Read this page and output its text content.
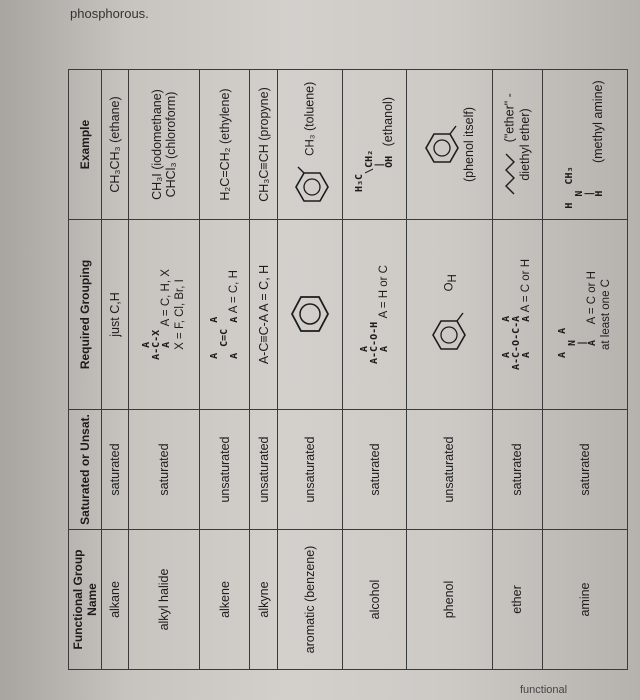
phosphorous.
functional
Functional Group Name	Saturated or Unsat.	Required Grouping	Example
alkane	saturated	just C,H	CH₃CH₃ (ethane)
alkyl halide	saturated	A
A-C-X
A A = C, H, X X = F, Cl, Br, I	CH₃I (iodomethane)
CHCl₃ (chloroform)
alkene	unsaturated	A     A
C=C
A     A A = C, H	H₂C=CH₂ (ethylene)
alkyne	unsaturated	A-C≡C-A A = C, H	CH₃C≡CH (propyne)
aromatic (benzene)	unsaturated		CH₃ (toluene)
alcohol	saturated	A
A-C-O-H
A A = H or C	H₃C
\CH₂
|
OH (ethanol)
phenol	unsaturated	$O_H$	(phenol itself)
ether	saturated	A     A
A-C-O-C-A
A     A A = C or H	("ether" - diethyl ether)
amine	saturated	A   A
N
|
A A = C or H at least one C	H   CH₃
N
|
H (methyl amine)
